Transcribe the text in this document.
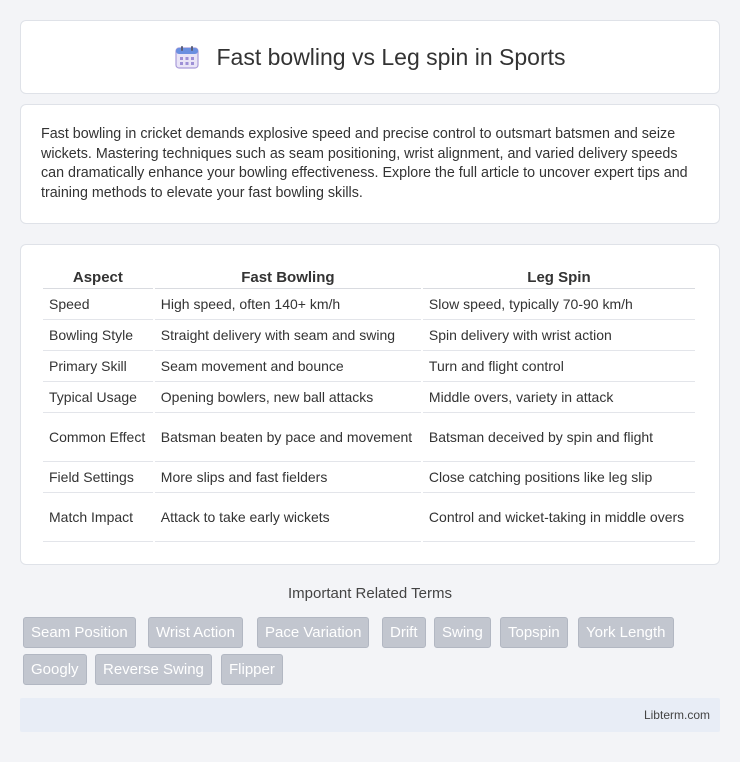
Fast bowling vs Leg spin in Sports

Fast bowling in cricket demands explosive speed and precise control to outsmart batsmen and seize wickets. Mastering techniques such as seam positioning, wrist alignment, and varied delivery speeds can dramatically enhance your bowling effectiveness. Explore the full article to uncover expert tips and training methods to elevate your fast bowling skills.

Aspect	Fast Bowling	Leg Spin
Speed	High speed, often 140+ km/h	Slow speed, typically 70-90 km/h
Bowling Style	Straight delivery with seam and swing	Spin delivery with wrist action
Primary Skill	Seam movement and bounce	Turn and flight control
Typical Usage	Opening bowlers, new ball attacks	Middle overs, variety in attack
Common Effect	Batsman beaten by pace and movement	Batsman deceived by spin and flight
Field Settings	More slips and fast fielders	Close catching positions like leg slip
Match Impact	Attack to take early wickets	Control and wicket-taking in middle overs
Important Related Terms
Seam Position	Wrist Action	Pace Variation	Drift	Swing	Topspin	York Length
Googly	Reverse Swing	Flipper
Libterm.com
